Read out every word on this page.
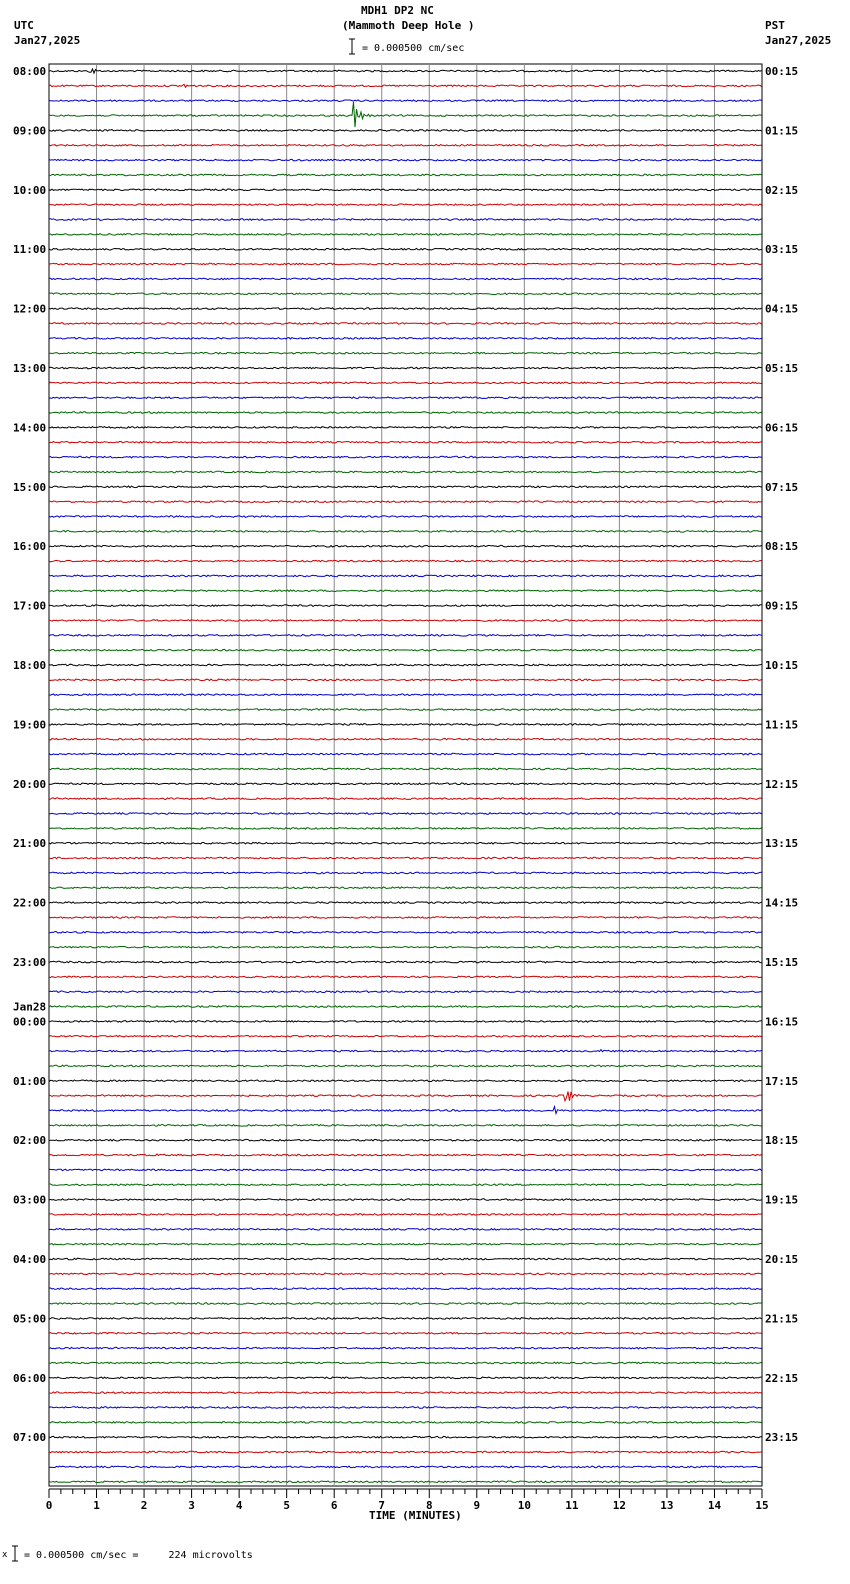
MDH1 DP2 NC
(Mammoth Deep Hole )
UTC
Jan27,2025
PST
Jan27,2025
= 0.000500 cm/sec
08:00
09:00
10:00
11:00
12:00
13:00
14:00
15:00
16:00
17:00
18:00
19:00
20:00
21:00
22:00
23:00
00:00
Jan28
01:00
02:00
03:00
04:00
05:00
06:00
07:00
00:15
01:15
02:15
03:15
04:15
05:15
06:15
07:15
08:15
09:15
10:15
11:15
12:15
13:15
14:15
15:15
16:15
17:15
18:15
19:15
20:15
21:15
22:15
23:15
0	1	2	3	4	5	6	7	8	9	10	11	12	13	14	15
TIME (MINUTES)
x = 0.000500 cm/sec =     224 microvolts
